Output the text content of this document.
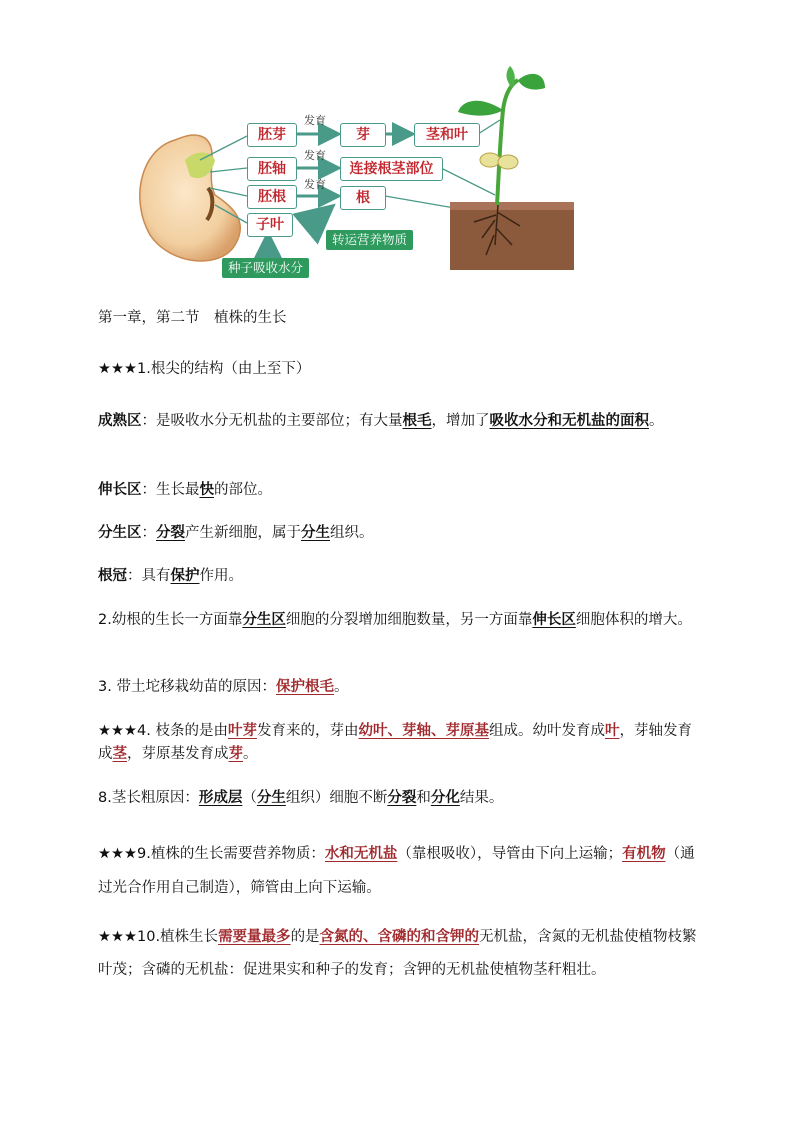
胚芽
胚轴
胚根
子叶
芽	茎和叶
连接根茎部位
根
发育
发育
发育
转运营养物质
种子吸收水分
第一章，第二节　植株的生长
★★★1.根尖的结构（由上至下）
成熟区：是吸收水分无机盐的主要部位；有大量根毛，增加了吸收水分和无机盐的面积。
伸长区：生长最快的部位。
分生区：分裂产生新细胞，属于分生组织。
根冠：具有保护作用。
2.幼根的生长一方面靠分生区细胞的分裂增加细胞数量，另一方面靠伸长区细胞体积的增大。
3. 带土坨移栽幼苗的原因：保护根毛。
★★★4. 枝条的是由叶芽发育来的，芽由幼叶、芽轴、芽原基组成。幼叶发育成叶，芽轴发育成茎，芽原基发育成芽。
8.茎长粗原因：形成层（分生组织）细胞不断分裂和分化结果。
★★★9.植株的生长需要营养物质：水和无机盐（靠根吸收），导管由下向上运输；有机物（通过光合作用自己制造），筛管由上向下运输。
★★★10.植株生长需要量最多的是含氮的、含磷的和含钾的无机盐，含氮的无机盐使植物枝繁叶茂；含磷的无机盐：促进果实和种子的发育；含钾的无机盐使植物茎秆粗壮。
